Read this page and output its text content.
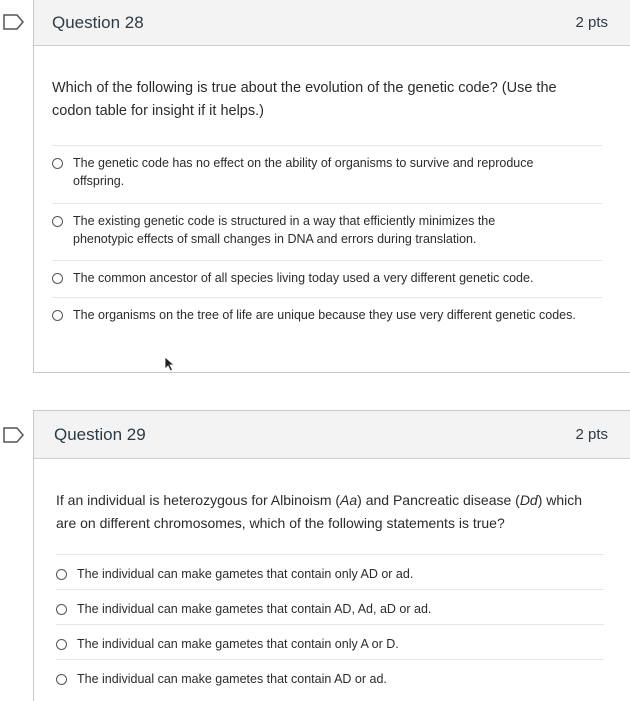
Question 28	2 pts
Which of the following is true about the evolution of the genetic code? (Use the codon table for insight if it helps.)
The genetic code has no effect on the ability of organisms to survive and reproduce offspring.
The existing genetic code is structured in a way that efficiently minimizes the phenotypic effects of small changes in DNA and errors during translation.
The common ancestor of all species living today used a very different genetic code.
The organisms on the tree of life are unique because they use very different genetic codes.
Question 29	2 pts
If an individual is heterozygous for Albinoism (Aa) and Pancreatic disease (Dd) which are on different chromosomes, which of the following statements is true?
The individual can make gametes that contain only AD or ad.
The individual can make gametes that contain AD, Ad, aD or ad.
The individual can make gametes that contain only A or D.
The individual can make gametes that contain AD or ad.
